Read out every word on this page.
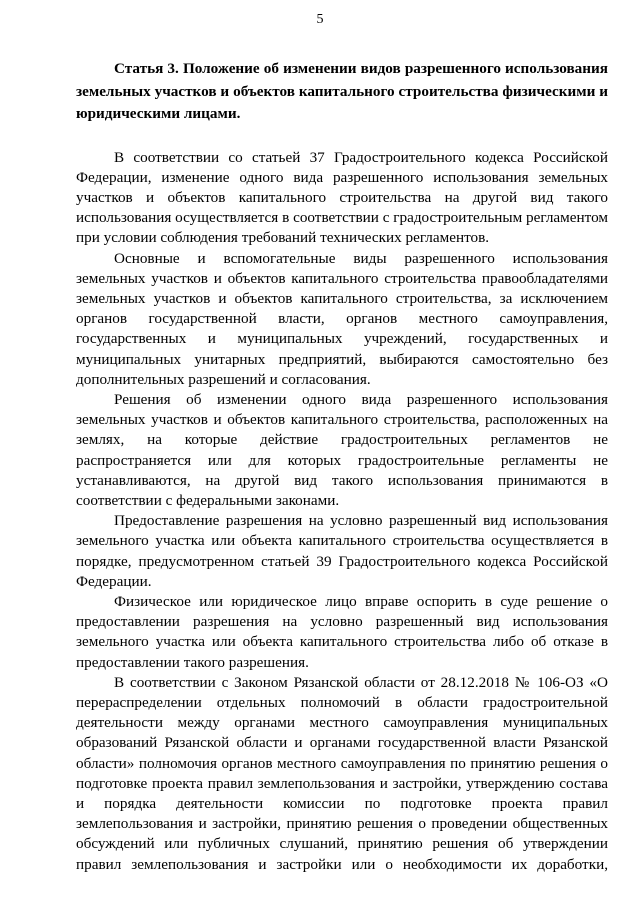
5

Статья 3. Положение об изменении видов разрешенного использования земельных участков и объектов капитального строительства физическими и юридическими лицами.

В соответствии со статьей 37 Градостроительного кодекса Российской Федерации, изменение одного вида разрешенного использования земельных участков и объектов капитального строительства на другой вид такого использования осуществляется в соответствии с градостроительным регламентом при условии соблюдения требований технических регламентов.

Основные и вспомогательные виды разрешенного использования земельных участков и объектов капитального строительства правообладателями земельных участков и объектов капитального строительства, за исключением органов государственной власти, органов местного самоуправления, государственных и муниципальных учреждений, государственных и муниципальных унитарных предприятий, выбираются самостоятельно без дополнительных разрешений и согласования.

Решения об изменении одного вида разрешенного использования земельных участков и объектов капитального строительства, расположенных на землях, на которые действие градостроительных регламентов не распространяется или для которых градостроительные регламенты не устанавливаются, на другой вид такого использования принимаются в соответствии с федеральными законами.

Предоставление разрешения на условно разрешенный вид использования земельного участка или объекта капитального строительства осуществляется в порядке, предусмотренном статьей 39 Градостроительного кодекса Российской Федерации.

Физическое или юридическое лицо вправе оспорить в суде решение о предоставлении разрешения на условно разрешенный вид использования земельного участка или объекта капитального строительства либо об отказе в предоставлении такого разрешения.

В соответствии с Законом Рязанской области от 28.12.2018 № 106-ОЗ «О перераспределении отдельных полномочий в области градостроительной деятельности между органами местного самоуправления муниципальных образований Рязанской области и органами государственной власти Рязанской области» полномочия органов местного самоуправления по принятию решения о подготовке проекта правил землепользования и застройки, утверждению состава и порядка деятельности комиссии по подготовке проекта правил землепользования и застройки, принятию решения о проведении общественных обсуждений или публичных слушаний, принятию решения об утверждении правил землепользования и застройки или о необходимости их доработки,
